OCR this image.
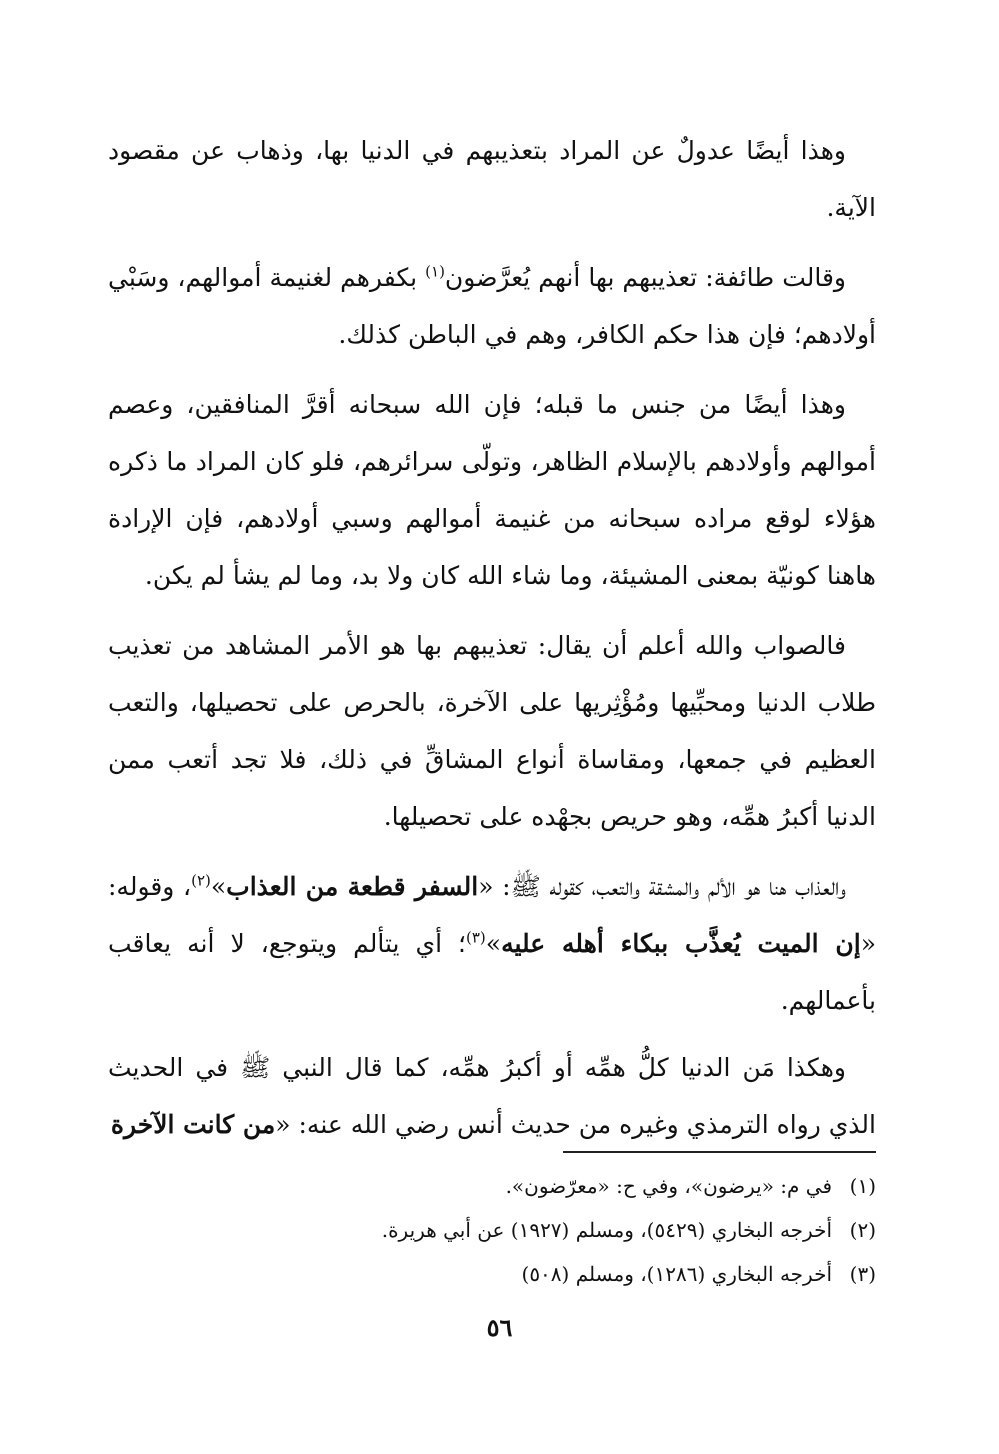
وهذا أيضًا عدولٌ عن المراد بتعذيبهم في الدنيا بها، وذهاب عن مقصود الآية.

وقالت طائفة: تعذيبهم بها أنهم يُعرَّضون$^{(١)}$ بكفرهم لغنيمة أموالهم، وسَبْي أولادهم؛ فإن هذا حكم الكافر، وهم في الباطن كذلك.

وهذا أيضًا من جنس ما قبله؛ فإن الله سبحانه أقرَّ المنافقين، وعصم أموالهم وأولادهم بالإسلام الظاهر، وتولّى سرائرهم، فلو كان المراد ما ذكره هؤلاء لوقع مراده سبحانه من غنيمة أموالهم وسبي أولادهم، فإن الإرادة هاهنا كونيّة بمعنى المشيئة، وما شاء الله كان ولا بد، وما لم يشأ لم يكن.

فالصواب والله أعلم أن يقال: تعذيبهم بها هو الأمر المشاهد من تعذيب طلاب الدنيا ومحبِّيها ومُؤْثِريها على الآخرة، بالحرص على تحصيلها، والتعب العظيم في جمعها، ومقاساة أنواع المشاقِّ في ذلك، فلا تجد أتعب ممن الدنيا أكبرُ همِّه، وهو حريص بجهْده على تحصيلها.

والعذاب هنا هو الألم والمشقة والتعب، كقوله ﷺ: «السفر قطعة من العذاب»$^{(٢)}$، وقوله: «إن الميت يُعذَّب ببكاء أهله عليه»$^{(٣)}$؛ أي يتألم ويتوجع، لا أنه يعاقب بأعمالهم.

وهكذا مَن الدنيا كلُّ همِّه أو أكبرُ همِّه، كما قال النبي ﷺ في الحديث الذي رواه الترمذي وغيره من حديث أنس رضي الله عنه: «من كانت الآخرة

(١)
في م: «يرضون»، وفي ح: «معرّضون».
(٢)
أخرجه البخاري (٥٤٢٩)، ومسلم (١٩٢٧) عن أبي هريرة.
(٣)
أخرجه البخاري (١٢٨٦)، ومسلم (٥٠٨)
٥٦
